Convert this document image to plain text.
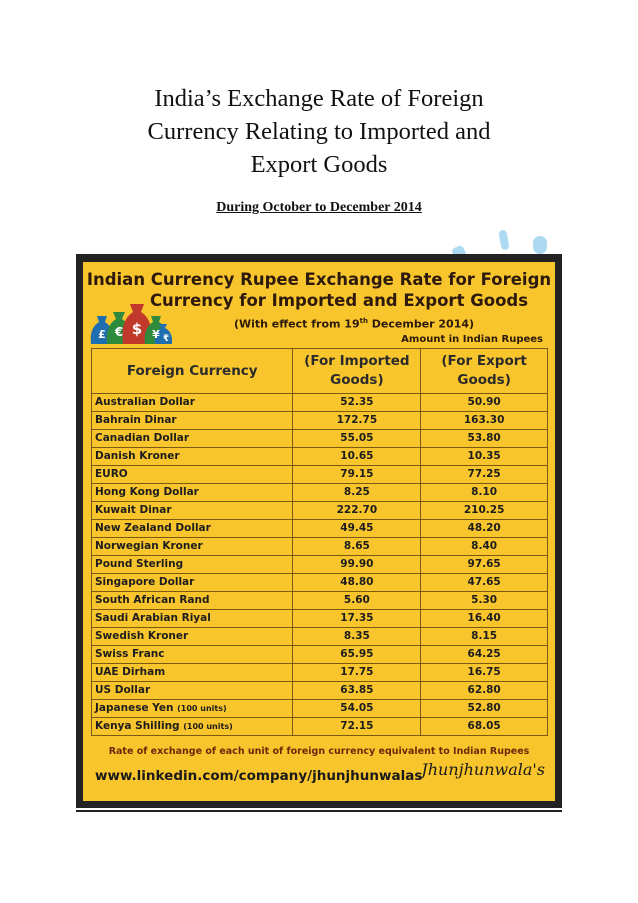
India’s Exchange Rate of Foreign
Currency Relating to Imported and
Export Goods
During October to December 2014
Indian Currency Rupee Exchange Rate for Foreign
Currency for Imported and Export Goods
£ € $ ¥ ₹
(With effect from 19th December 2014)
Amount in Indian Rupees
Foreign Currency	(For Imported
Goods)	(For Export
Goods)
Australian Dollar	52.35	50.90
Bahrain Dinar	172.75	163.30
Canadian Dollar	55.05	53.80
Danish Kroner	10.65	10.35
EURO	79.15	77.25
Hong Kong Dollar	8.25	8.10
Kuwait Dinar	222.70	210.25
New Zealand Dollar	49.45	48.20
Norwegian Kroner	8.65	8.40
Pound Sterling	99.90	97.65
Singapore Dollar	48.80	47.65
South African Rand	5.60	5.30
Saudi Arabian Riyal	17.35	16.40
Swedish Kroner	8.35	8.15
Swiss Franc	65.95	64.25
UAE Dirham	17.75	16.75
US Dollar	63.85	62.80
Japanese Yen (100 units)	54.05	52.80
Kenya Shilling (100 units)	72.15	68.05
Rate of exchange of each unit of foreign currency equivalent to Indian Rupees
www.linkedin.com/company/jhunjhunwalas
Jhunjhunwala's
